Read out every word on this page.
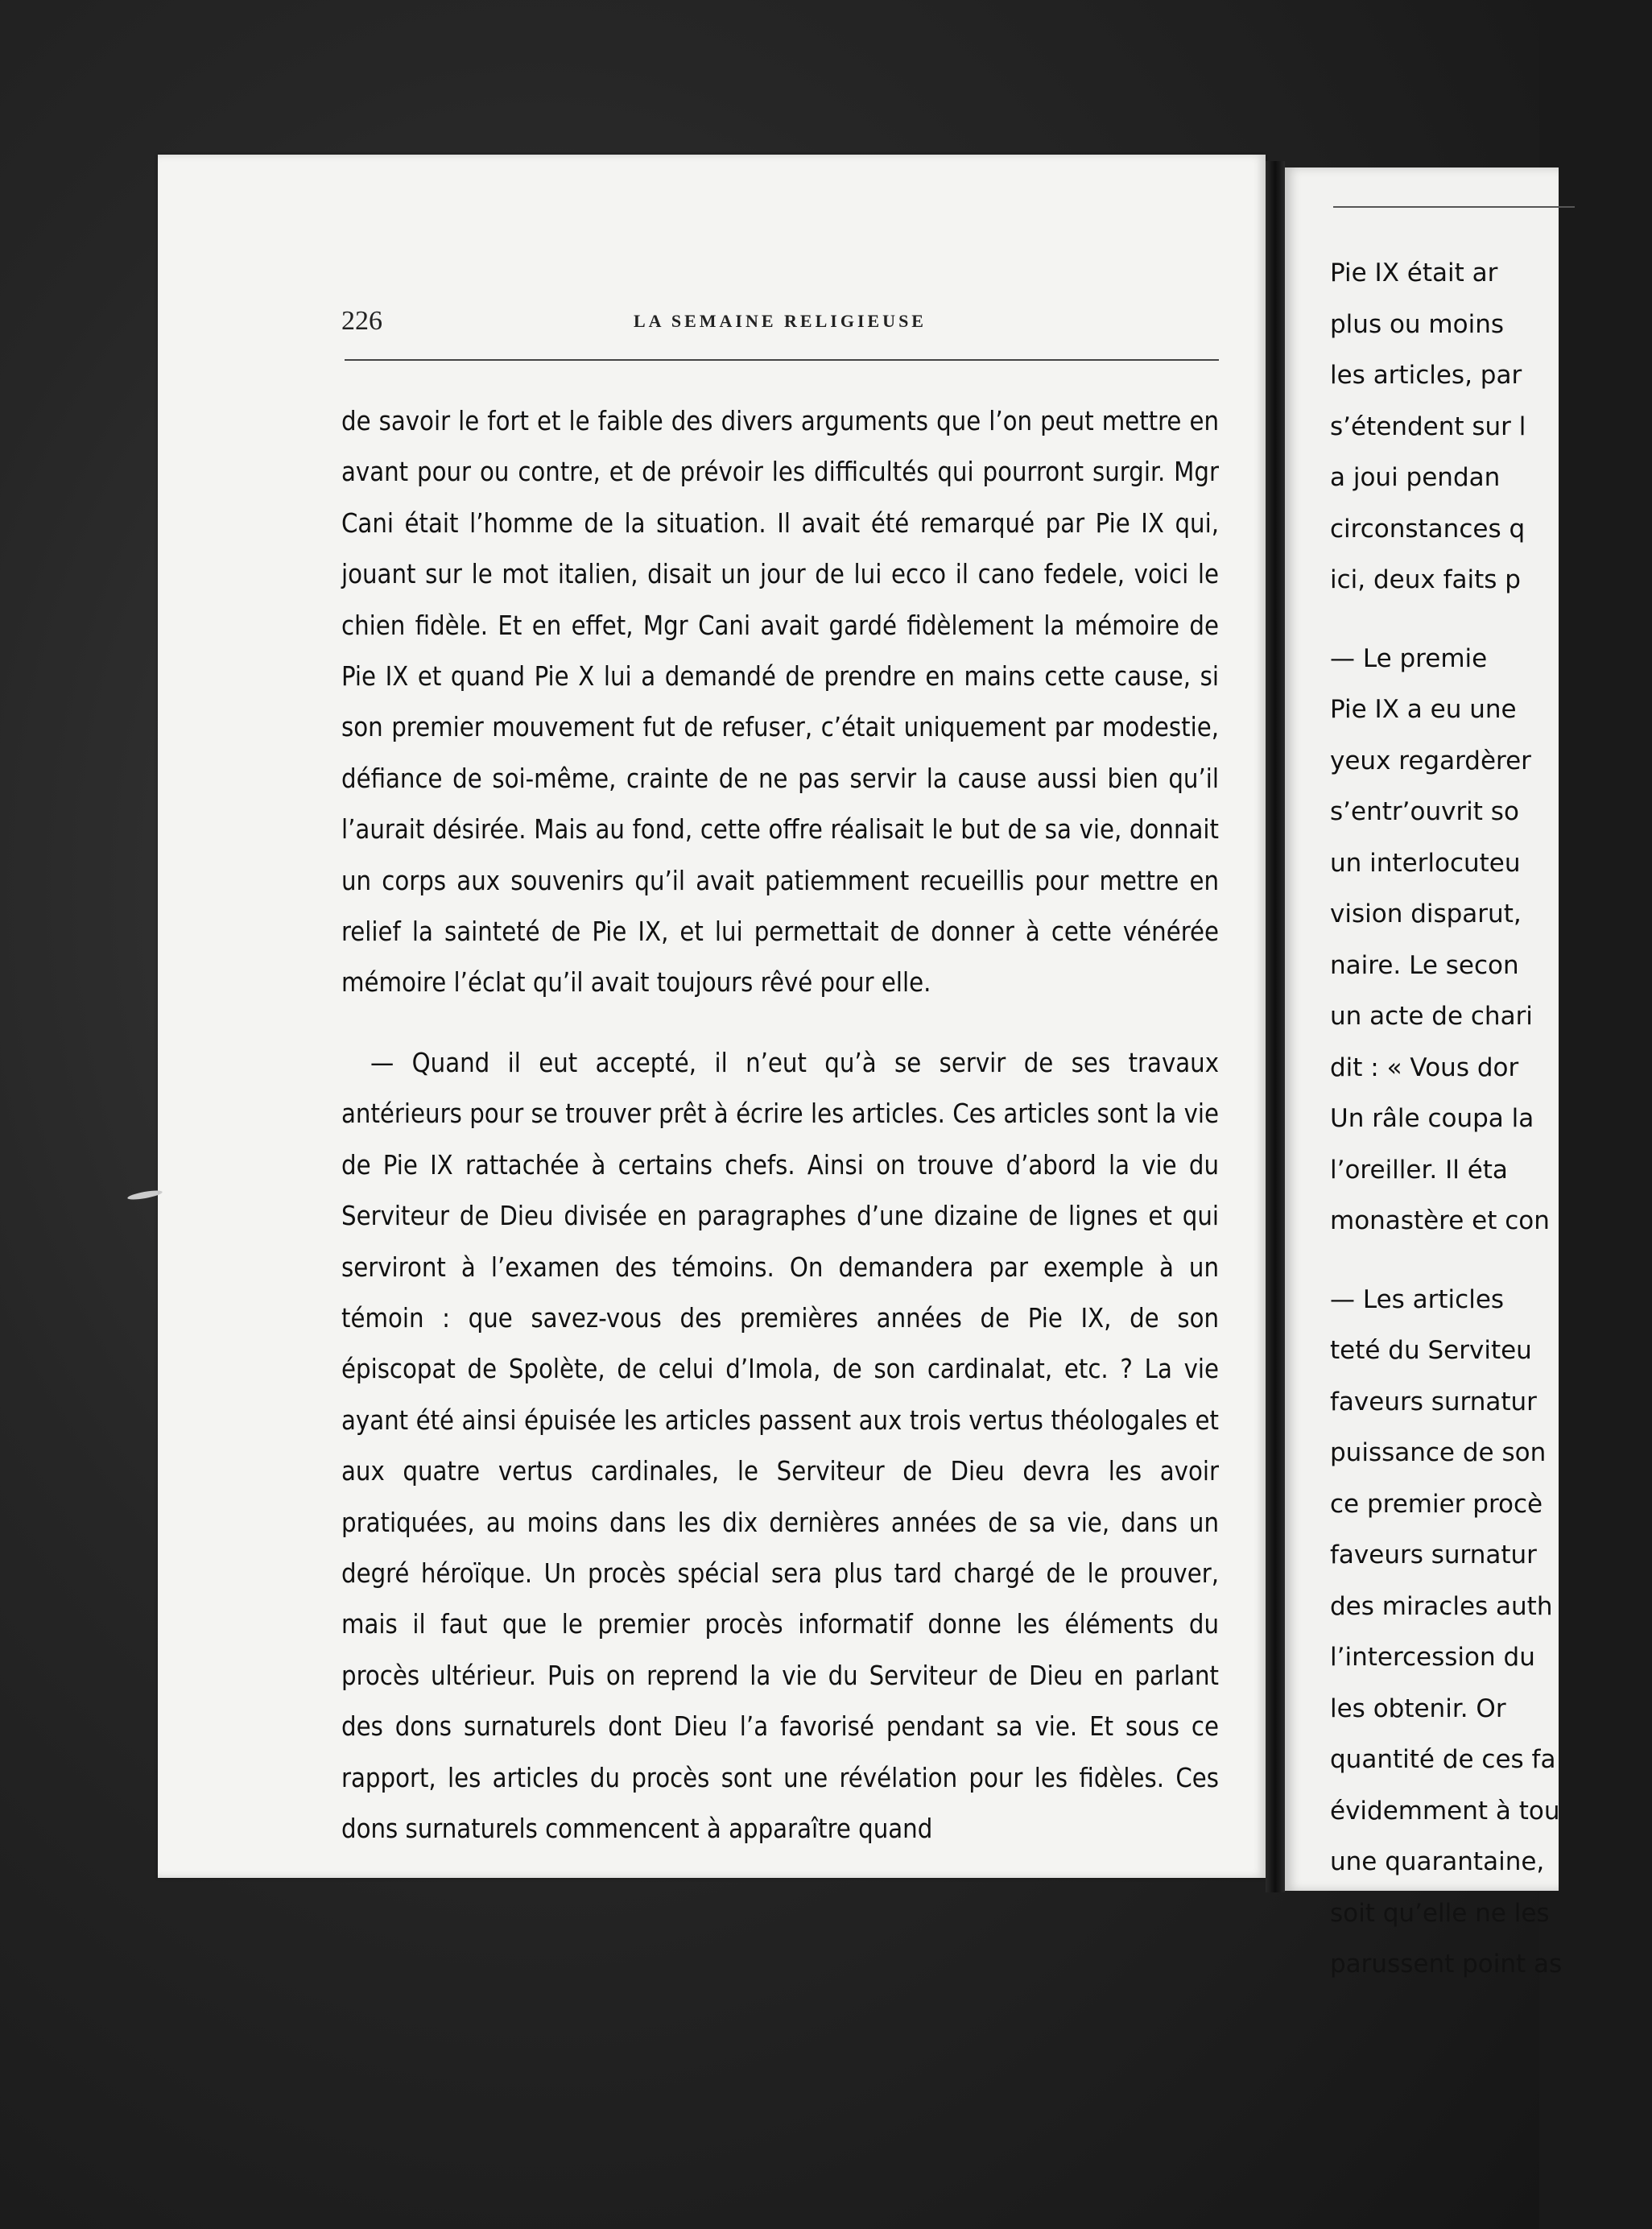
226	LA SEMAINE RELIGIEUSE

de savoir le fort et le faible des divers arguments que l’on peut mettre en avant pour ou contre, et de prévoir les difficultés qui pourront surgir. Mgr Cani était l’homme de la situation. Il avait été remarqué par Pie IX qui, jouant sur le mot italien, disait un jour de lui ecco il cano fedele, voici le chien fidèle. Et en effet, Mgr Cani avait gardé fidèlement la mémoire de Pie IX et quand Pie X lui a demandé de prendre en mains cette cause, si son premier mouvement fut de refuser, c’était uniquement par modestie, défiance de soi-même, crainte de ne pas servir la cause aussi bien qu’il l’aurait désirée. Mais au fond, cette offre réalisait le but de sa vie, donnait un corps aux souvenirs qu’il avait patiemment recueillis pour mettre en relief la sainteté de Pie IX, et lui permettait de donner à cette vénérée mémoire l’éclat qu’il avait toujours rêvé pour elle.

— Quand il eut accepté, il n’eut qu’à se servir de ses travaux antérieurs pour se trouver prêt à écrire les articles. Ces articles sont la vie de Pie IX rattachée à certains chefs. Ainsi on trouve d’abord la vie du Serviteur de Dieu divisée en paragraphes d’une dizaine de lignes et qui serviront à l’examen des témoins. On demandera par exemple à un témoin : que savez-vous des premières années de Pie IX, de son épiscopat de Spolète, de celui d’Imola, de son cardinalat, etc. ? La vie ayant été ainsi épuisée les articles passent aux trois vertus théologales et aux quatre vertus cardinales, le Serviteur de Dieu devra les avoir pratiquées, au moins dans les dix dernières années de sa vie, dans un degré héroïque. Un procès spécial sera plus tard chargé de le prouver, mais il faut que le premier procès informatif donne les éléments du procès ultérieur. Puis on reprend la vie du Serviteur de Dieu en parlant des dons surnaturels dont Dieu l’a favorisé pendant sa vie. Et sous ce rapport, les articles du procès sont une révélation pour les fidèles. Ces dons surnaturels commencent à apparaître quand

Pie IX était ar
plus ou moins
les articles, par
s’étendent sur l
a joui pendan
circonstances q
ici, deux faits p
— Le premie
Pie IX a eu une
yeux regardèrer
s’entr’ouvrit so
un interlocuteu
vision disparut,
naire. Le secon
un acte de chari
dit : « Vous dor
Un râle coupa la
l’oreiller. Il éta
monastère et con
— Les articles
teté du Serviteu
faveurs surnatur
puissance de son
ce premier procè
faveurs surnatur
des miracles auth
l’intercession du
les obtenir. Or
quantité de ces fa
évidemment à tou
une quarantaine,
soit qu’elle ne les
parussent point as
